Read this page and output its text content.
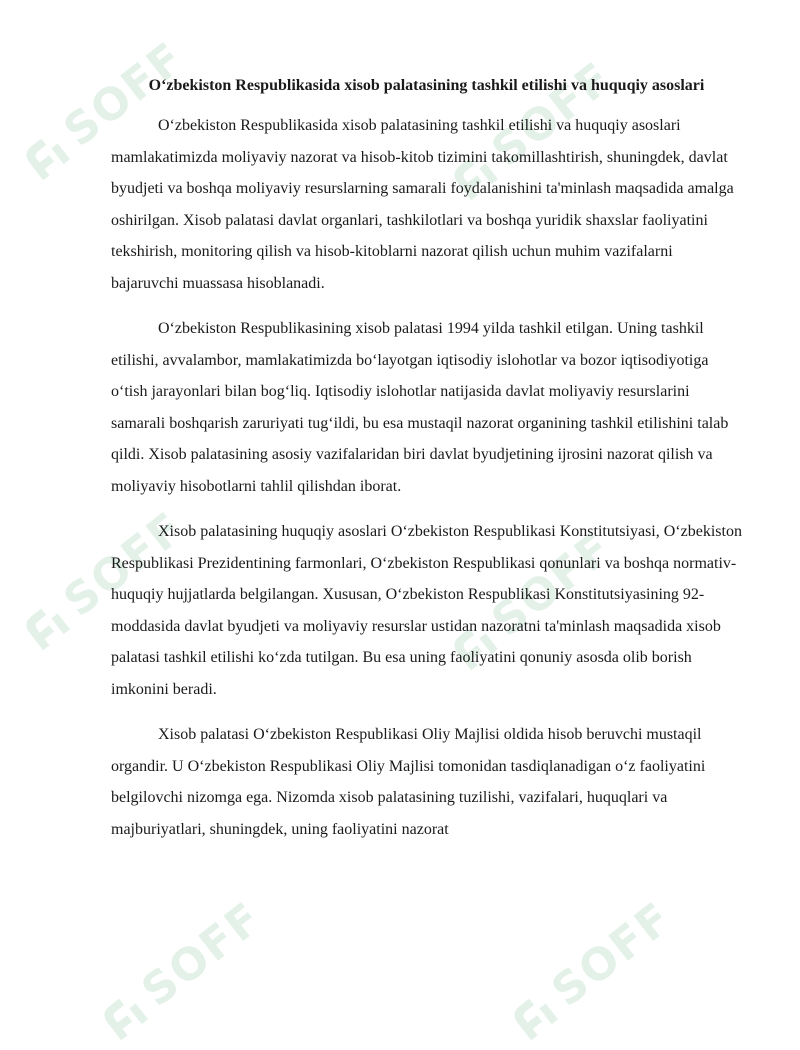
SOFF	SOFF
SOFF	SOFF
SOFF	SOFF
O‘zbekiston Respublikasida xisob palatasining tashkil etilishi va huquqiy asoslari

O‘zbekiston Respublikasida xisob palatasining tashkil etilishi va huquqiy asoslari mamlakatimizda moliyaviy nazorat va hisob-kitob tizimini takomillashtirish, shuningdek, davlat byudjeti va boshqa moliyaviy resurslarning samarali foydalanishini ta'minlash maqsadida amalga oshirilgan. Xisob palatasi davlat organlari, tashkilotlari va boshqa yuridik shaxslar faoliyatini tekshirish, monitoring qilish va hisob-kitoblarni nazorat qilish uchun muhim vazifalarni bajaruvchi muassasa hisoblanadi.

O‘zbekiston Respublikasining xisob palatasi 1994 yilda tashkil etilgan. Uning tashkil etilishi, avvalambor, mamlakatimizda bo‘layotgan iqtisodiy islohotlar va bozor iqtisodiyotiga o‘tish jarayonlari bilan bog‘liq. Iqtisodiy islohotlar natijasida davlat moliyaviy resurslarini samarali boshqarish zaruriyati tug‘ildi, bu esa mustaqil nazorat organining tashkil etilishini talab qildi. Xisob palatasining asosiy vazifalaridan biri davlat byudjetining ijrosini nazorat qilish va moliyaviy hisobotlarni tahlil qilishdan iborat.

Xisob palatasining huquqiy asoslari O‘zbekiston Respublikasi Konstitutsiyasi, O‘zbekiston Respublikasi Prezidentining farmonlari, O‘zbekiston Respublikasi qonunlari va boshqa normativ-huquqiy hujjatlarda belgilangan. Xususan, O‘zbekiston Respublikasi Konstitutsiyasining 92-moddasida davlat byudjeti va moliyaviy resurslar ustidan nazoratni ta'minlash maqsadida xisob palatasi tashkil etilishi ko‘zda tutilgan. Bu esa uning faoliyatini qonuniy asosda olib borish imkonini beradi.

Xisob palatasi O‘zbekiston Respublikasi Oliy Majlisi oldida hisob beruvchi mustaqil organdir. U O‘zbekiston Respublikasi Oliy Majlisi tomonidan tasdiqlanadigan o‘z faoliyatini belgilovchi nizomga ega. Nizomda xisob palatasining tuzilishi, vazifalari, huquqlari va majburiyatlari, shuningdek, uning faoliyatini nazorat
